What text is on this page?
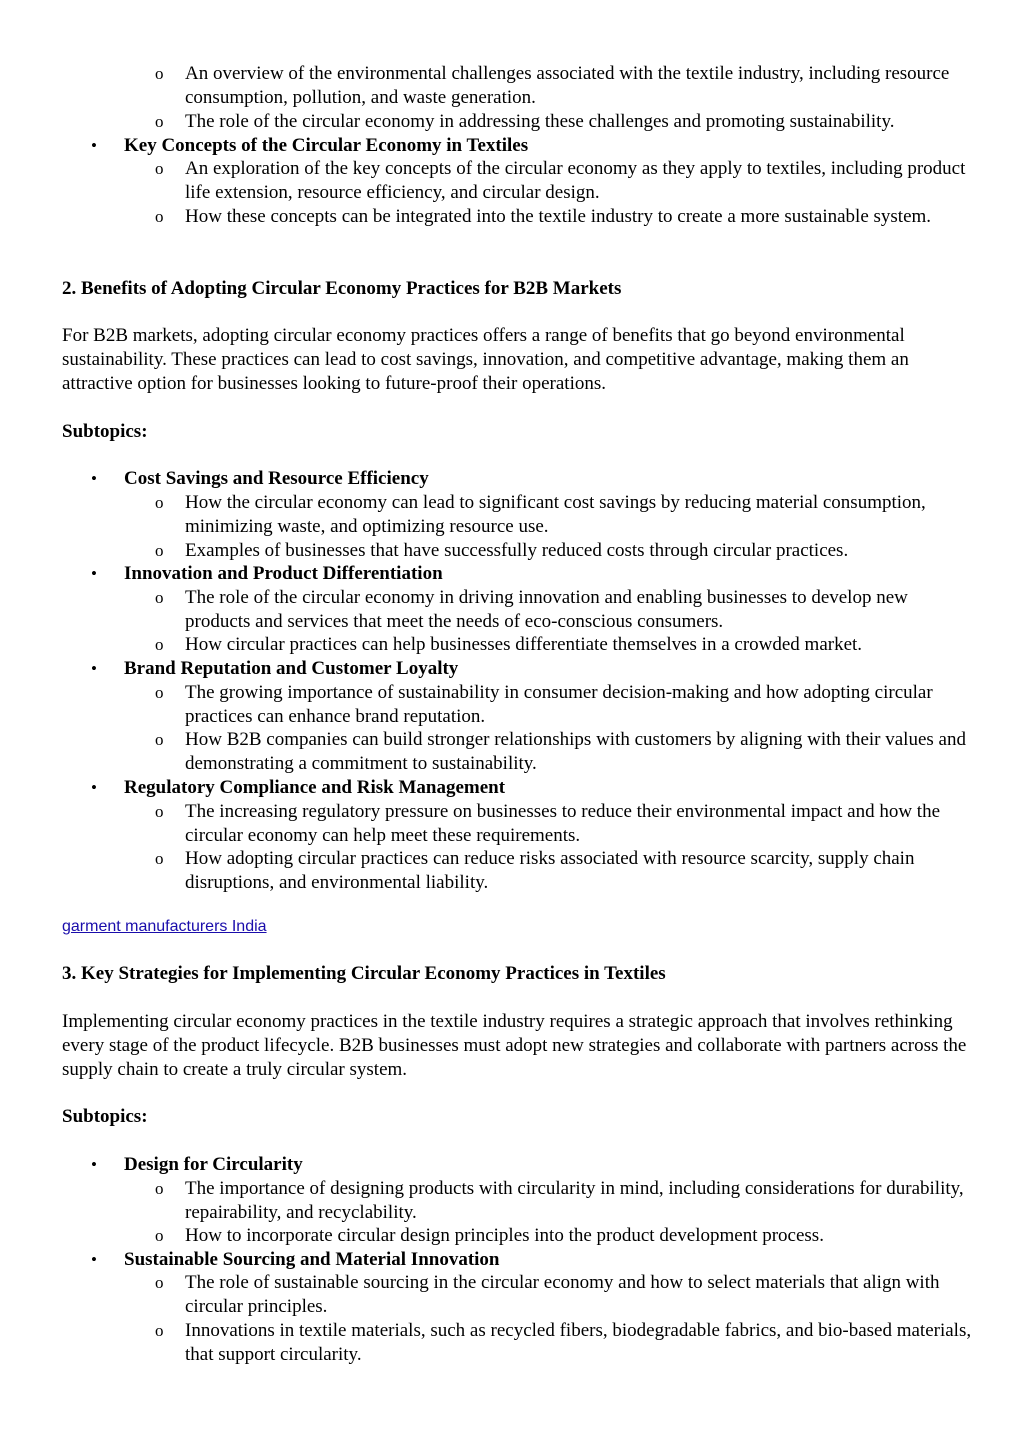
o An overview of the environmental challenges associated with the textile industry, including resource consumption, pollution, and waste generation.

o The role of the circular economy in addressing these challenges and promoting sustainability.

• Key Concepts of the Circular Economy in Textiles

o An exploration of the key concepts of the circular economy as they apply to textiles, including product life extension, resource efficiency, and circular design.

o How these concepts can be integrated into the textile industry to create a more sustainable system.

2. Benefits of Adopting Circular Economy Practices for B2B Markets

For B2B markets, adopting circular economy practices offers a range of benefits that go beyond environmental sustainability. These practices can lead to cost savings, innovation, and competitive advantage, making them an attractive option for businesses looking to future-proof their operations.

Subtopics:

• Cost Savings and Resource Efficiency

o How the circular economy can lead to significant cost savings by reducing material consumption, minimizing waste, and optimizing resource use.

o Examples of businesses that have successfully reduced costs through circular practices.

• Innovation and Product Differentiation

o The role of the circular economy in driving innovation and enabling businesses to develop new products and services that meet the needs of eco-conscious consumers.

o How circular practices can help businesses differentiate themselves in a crowded market.

• Brand Reputation and Customer Loyalty

o The growing importance of sustainability in consumer decision-making and how adopting circular practices can enhance brand reputation.

o How B2B companies can build stronger relationships with customers by aligning with their values and demonstrating a commitment to sustainability.

• Regulatory Compliance and Risk Management

o The increasing regulatory pressure on businesses to reduce their environmental impact and how the circular economy can help meet these requirements.

o How adopting circular practices can reduce risks associated with resource scarcity, supply chain disruptions, and environmental liability.

garment manufacturers India

3. Key Strategies for Implementing Circular Economy Practices in Textiles

Implementing circular economy practices in the textile industry requires a strategic approach that involves rethinking every stage of the product lifecycle. B2B businesses must adopt new strategies and collaborate with partners across the supply chain to create a truly circular system.

Subtopics:

• Design for Circularity

o The importance of designing products with circularity in mind, including considerations for durability, repairability, and recyclability.

o How to incorporate circular design principles into the product development process.

• Sustainable Sourcing and Material Innovation

o The role of sustainable sourcing in the circular economy and how to select materials that align with circular principles.

o Innovations in textile materials, such as recycled fibers, biodegradable fabrics, and bio-based materials, that support circularity.
